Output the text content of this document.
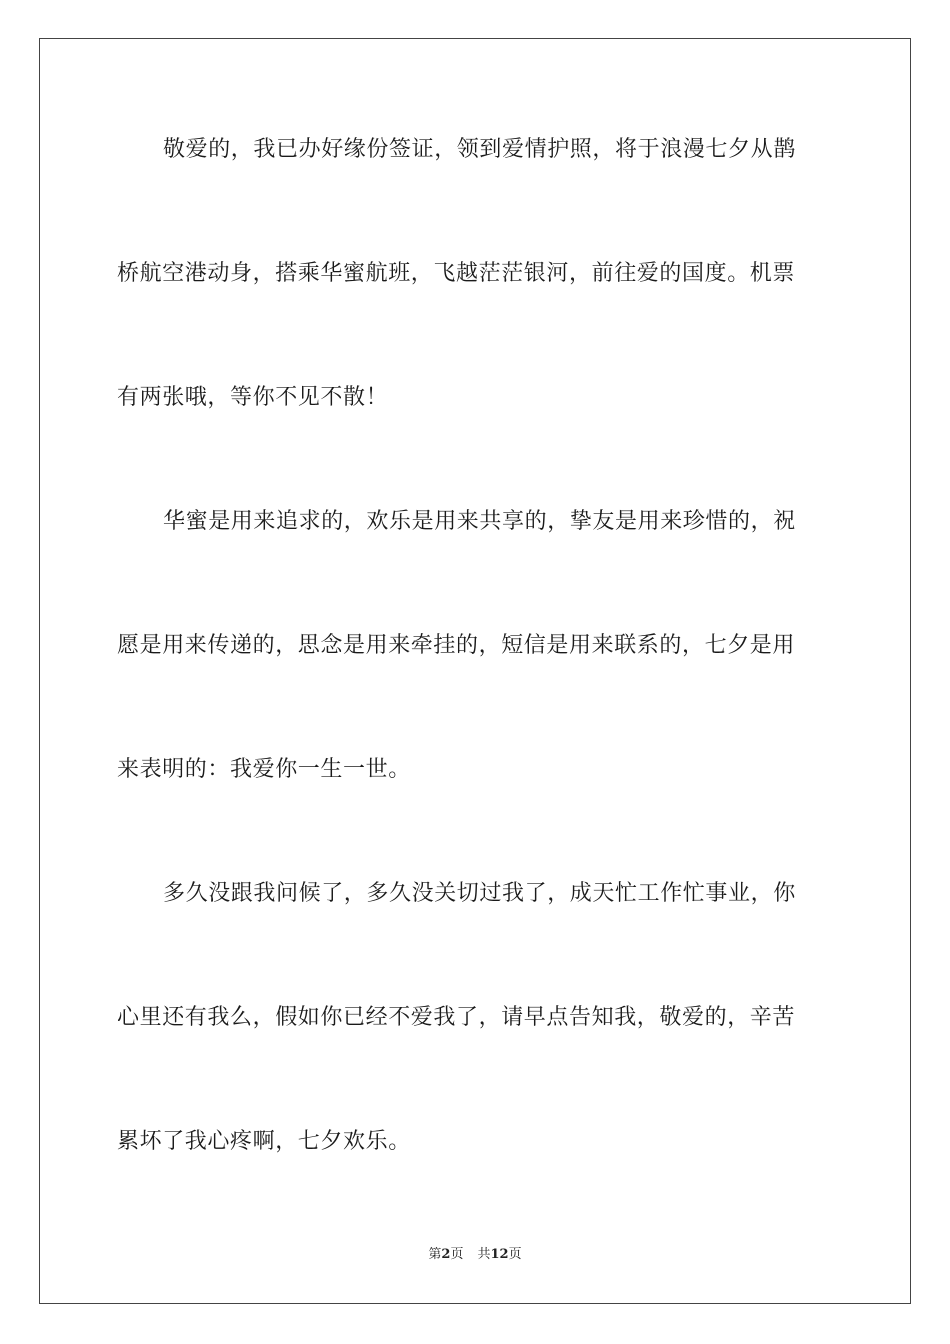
敬爱的，我已办好缘份签证，领到爱情护照，将于浪漫七夕从鹊
桥航空港动身，搭乘华蜜航班，飞越茫茫银河，前往爱的国度。机票
有两张哦，等你不见不散！
华蜜是用来追求的，欢乐是用来共享的，挚友是用来珍惜的，祝
愿是用来传递的，思念是用来牵挂的，短信是用来联系的，七夕是用
来表明的：我爱你一生一世。
多久没跟我问候了，多久没关切过我了，成天忙工作忙事业，你
心里还有我么，假如你已经不爱我了，请早点告知我，敬爱的，辛苦
累坏了我心疼啊，七夕欢乐。
第2页 共12页
